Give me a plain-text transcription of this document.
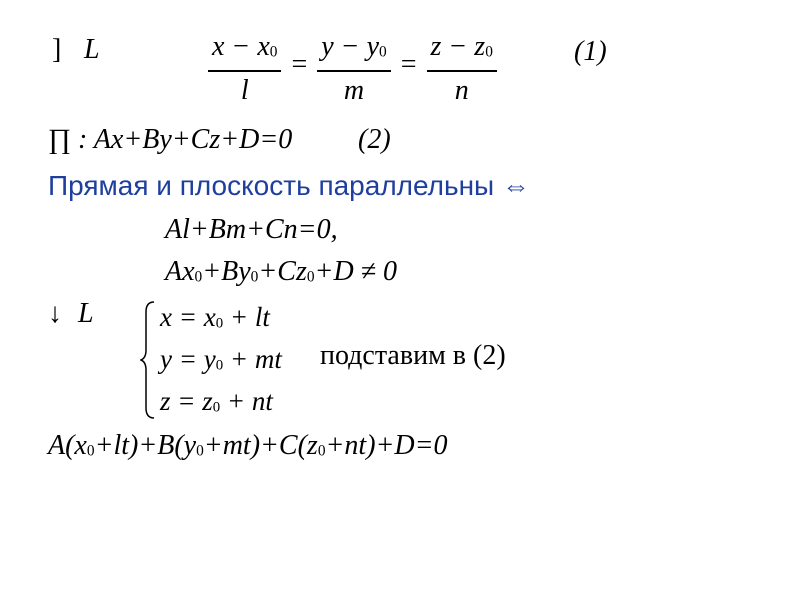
] L	$\frac{x - x0}{l} = \frac{y - y0}{m} = \frac{z - z0}{n}$	(1)
∏ : Ax+By+Cz+D=0 (2)
Прямая и плоскость параллельны ⇔
Al+Bm+Cn=0,
Ax0+By0+Cz0+D ≠ 0
↓ L x = x0 + lt
y = y0 + mt
z = z0 + nt
подставим в (2)
A(x0+lt)+B(y0+mt)+C(z0+nt)+D=0
